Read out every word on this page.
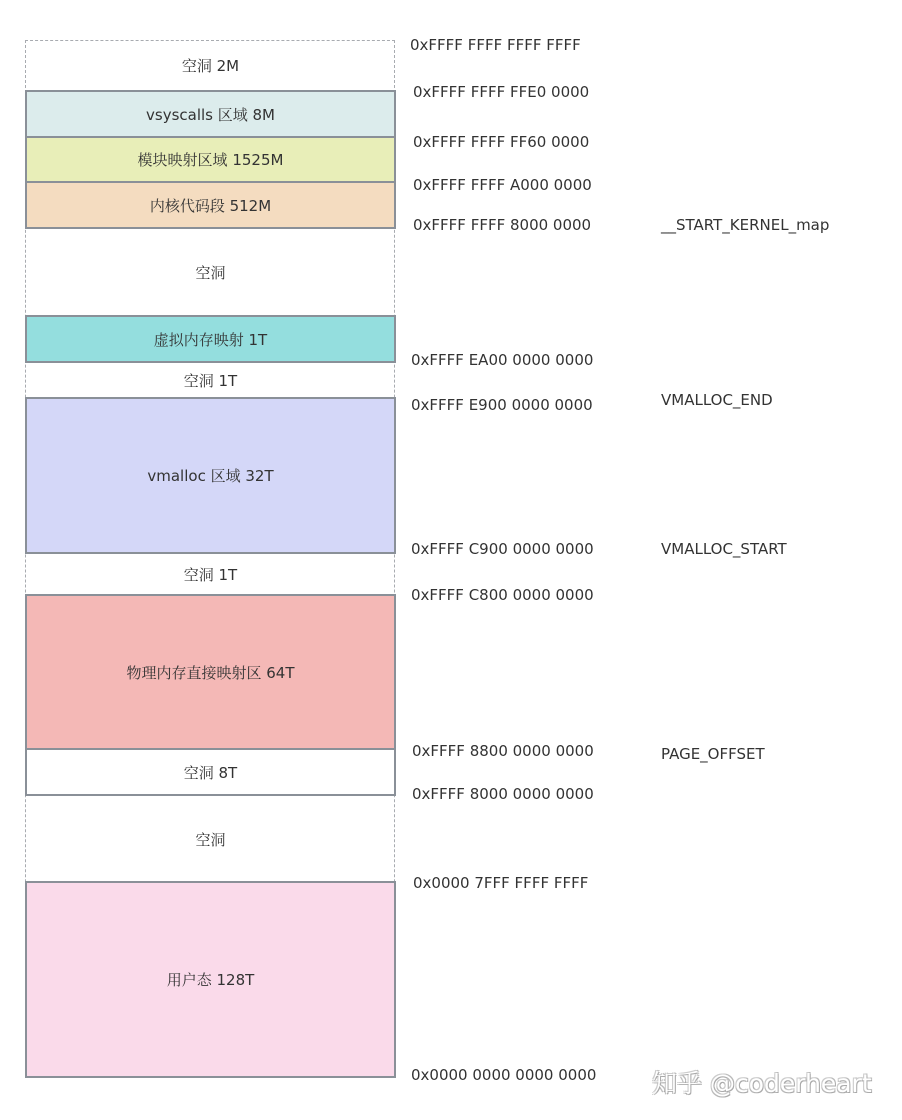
空洞 2M
vsyscalls 区域 8M
模块映射区域 1525M
内核代码段 512M
空洞
虚拟内存映射 1T
空洞 1T
vmalloc 区域 32T
空洞 1T
物理内存直接映射区 64T
空洞 8T
空洞
用户态 128T
0xFFFF FFFF FFFF FFFF
0xFFFF FFFF FFE0 0000
0xFFFF FFFF FF60 0000
0xFFFF FFFF A000 0000
0xFFFF FFFF 8000 0000
0xFFFF EA00 0000 0000
0xFFFF E900 0000 0000
0xFFFF C900 0000 0000
0xFFFF C800 0000 0000
0xFFFF 8800 0000 0000
0xFFFF 8000 0000 0000
0x0000 7FFF FFFF FFFF
0x0000 0000 0000 0000
__START_KERNEL_map
VMALLOC_END
VMALLOC_START
PAGE_OFFSET
知乎 @coderheart
